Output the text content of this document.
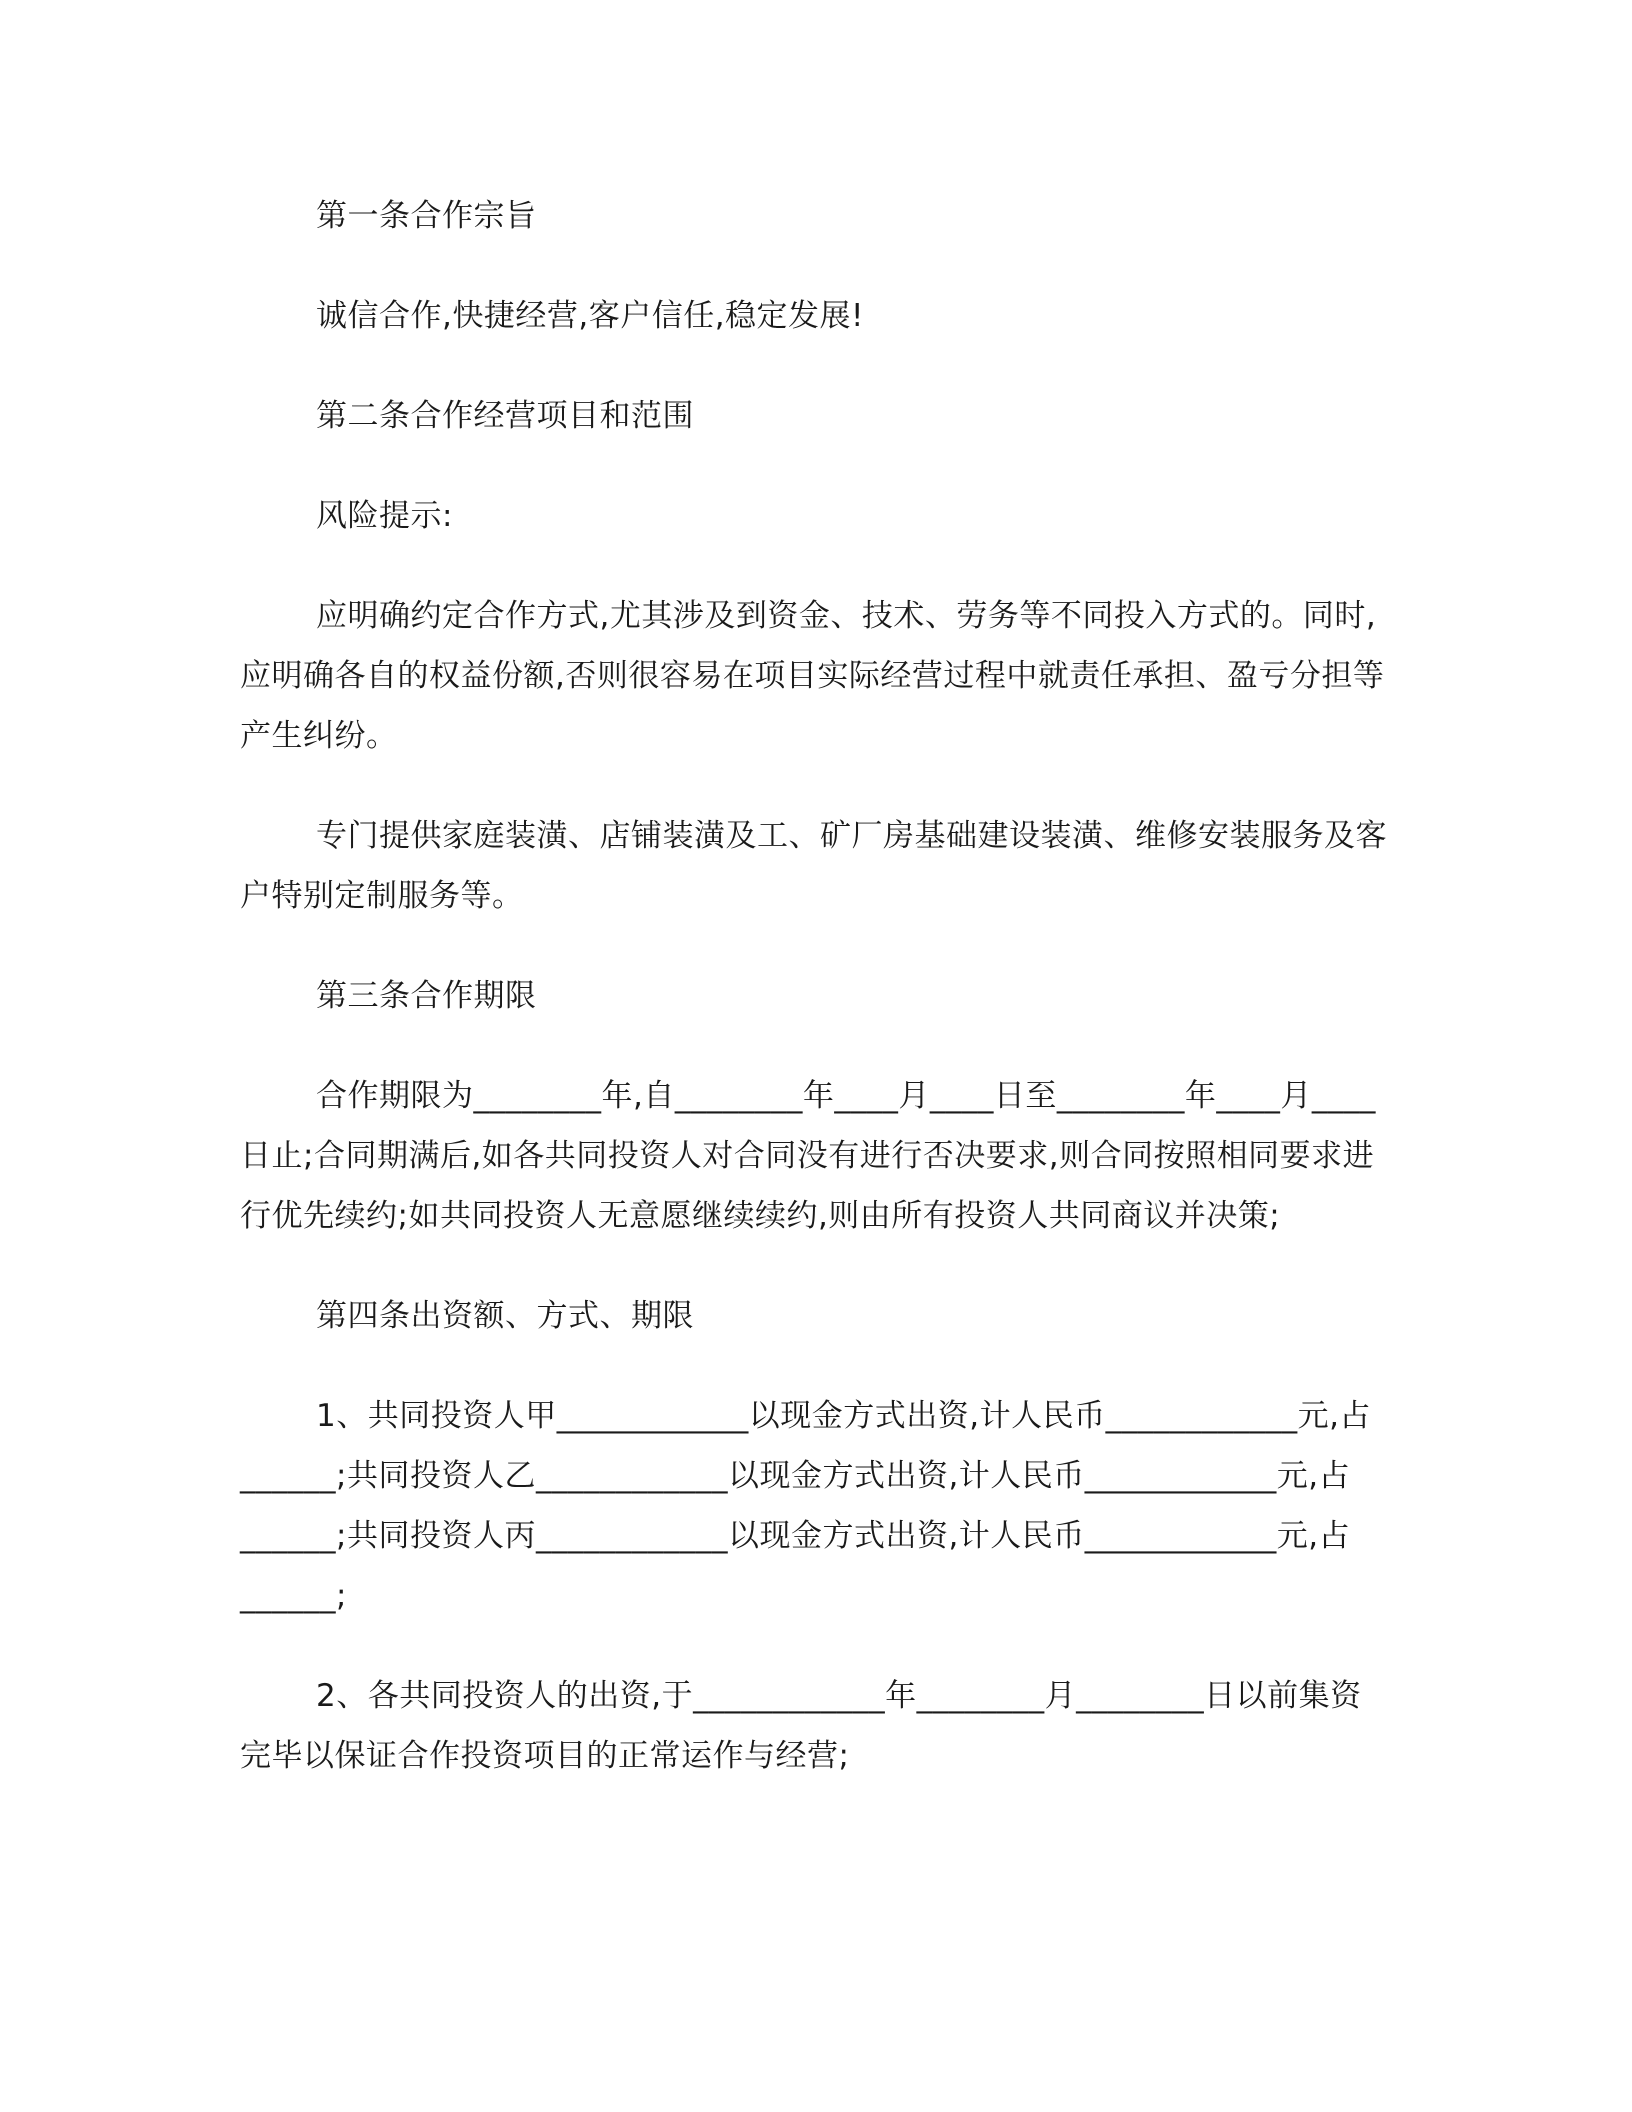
第一条合作宗旨

诚信合作,快捷经营,客户信任,稳定发展!

第二条合作经营项目和范围

风险提示:

应明确约定合作方式,尤其涉及到资金、技术、劳务等不同投入方式的。同时,应明确各自的权益份额,否则很容易在项目实际经营过程中就责任承担、盈亏分担等产生纠纷。

专门提供家庭装潢、店铺装潢及工、矿厂房基础建设装潢、维修安装服务及客户特别定制服务等。

第三条合作期限

合作期限为________年,自________年____月____日至________年____月____日止;合同期满后,如各共同投资人对合同没有进行否决要求,则合同按照相同要求进行优先续约;如共同投资人无意愿继续续约,则由所有投资人共同商议并决策;

第四条出资额、方式、期限

1、共同投资人甲____________以现金方式出资,计人民币____________元,占______;共同投资人乙____________以现金方式出资,计人民币____________元,占______;共同投资人丙____________以现金方式出资,计人民币____________元,占______;

2、各共同投资人的出资,于____________年________月________日以前集资完毕以保证合作投资项目的正常运作与经营;
